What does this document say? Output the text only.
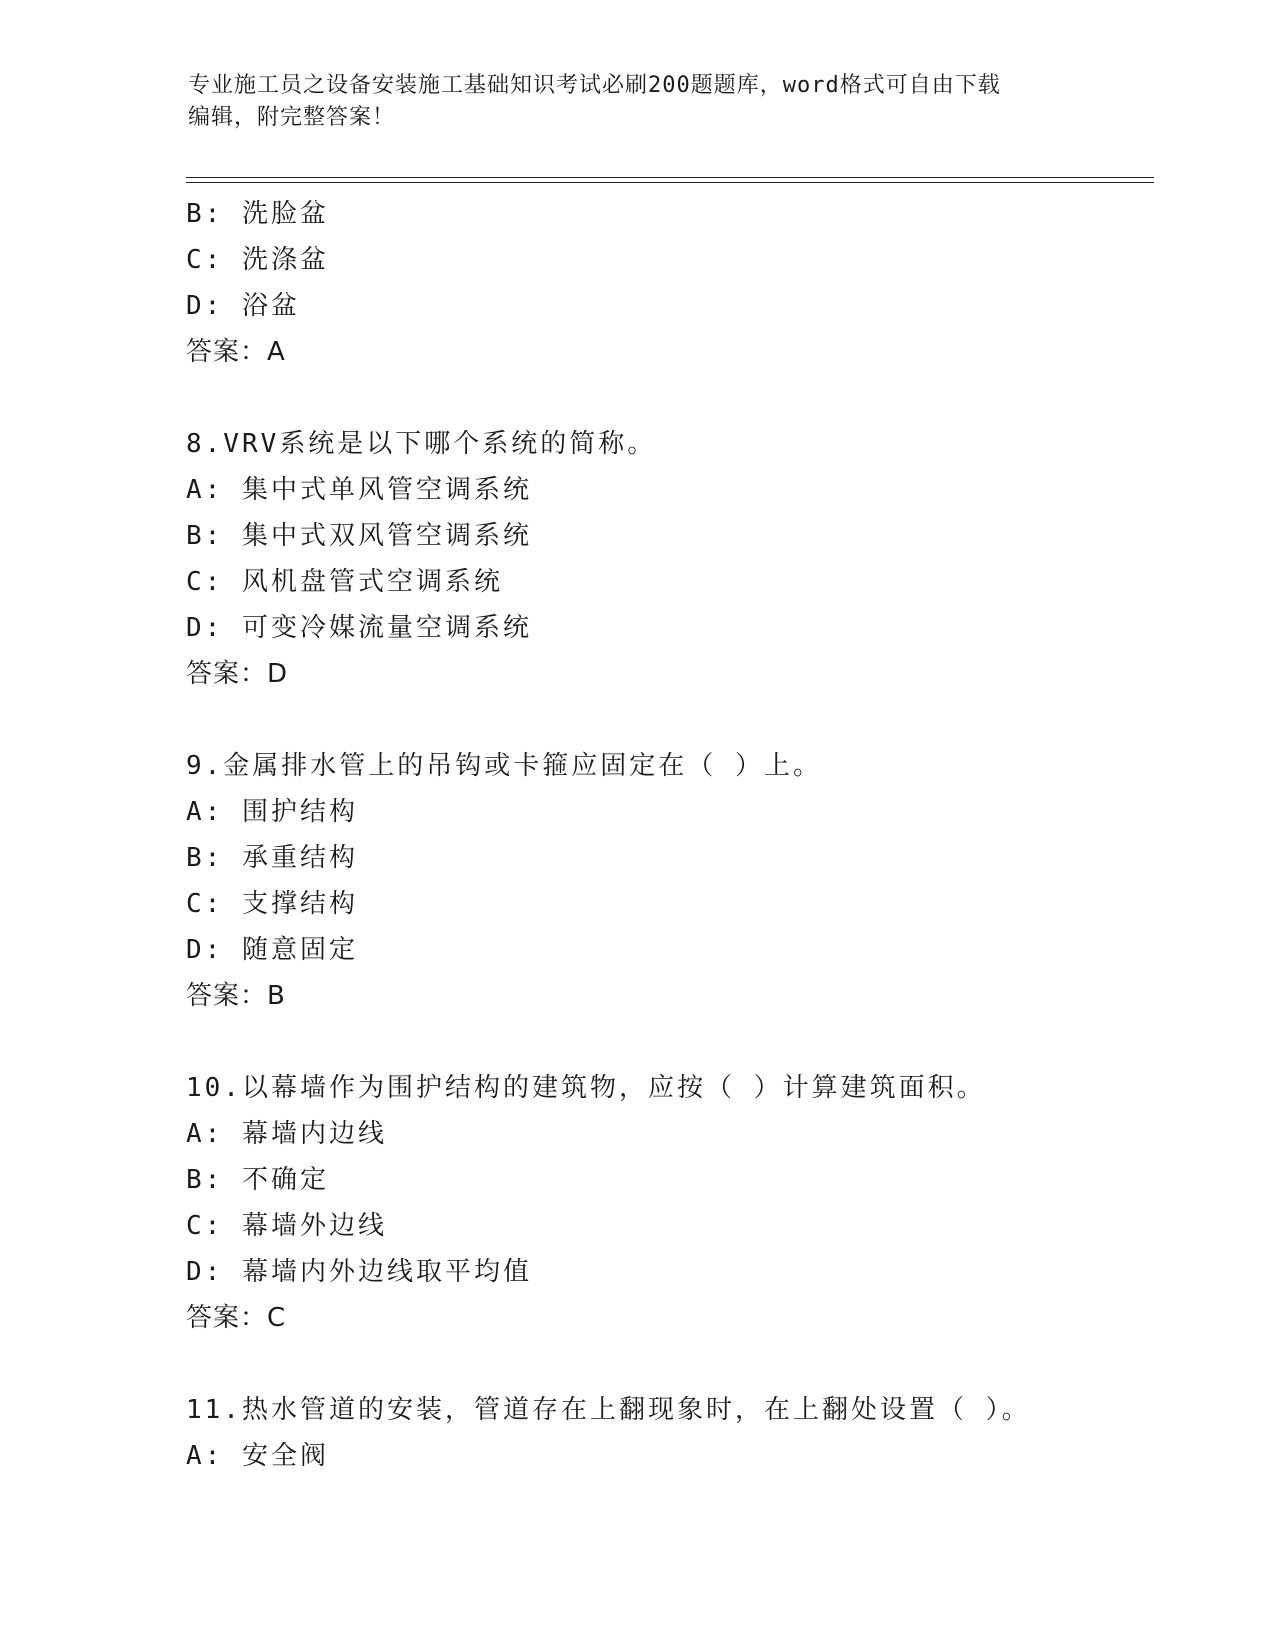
专业施工员之设备安装施工基础知识考试必刷200题题库，word格式可自由下载
编辑，附完整答案！
B: 洗脸盆
C: 洗涤盆
D: 浴盆
答案：A
8.VRV系统是以下哪个系统的简称。
A: 集中式单风管空调系统
B: 集中式双风管空调系统
C: 风机盘管式空调系统
D: 可变冷媒流量空调系统
答案：D
9.金属排水管上的吊钩或卡箍应固定在（ ）上。
A: 围护结构
B: 承重结构
C: 支撑结构
D: 随意固定
答案：B
10.以幕墙作为围护结构的建筑物，应按（ ）计算建筑面积。
A: 幕墙内边线
B: 不确定
C: 幕墙外边线
D: 幕墙内外边线取平均值
答案：C
11.热水管道的安装，管道存在上翻现象时，在上翻处设置（ ）。
A: 安全阀
